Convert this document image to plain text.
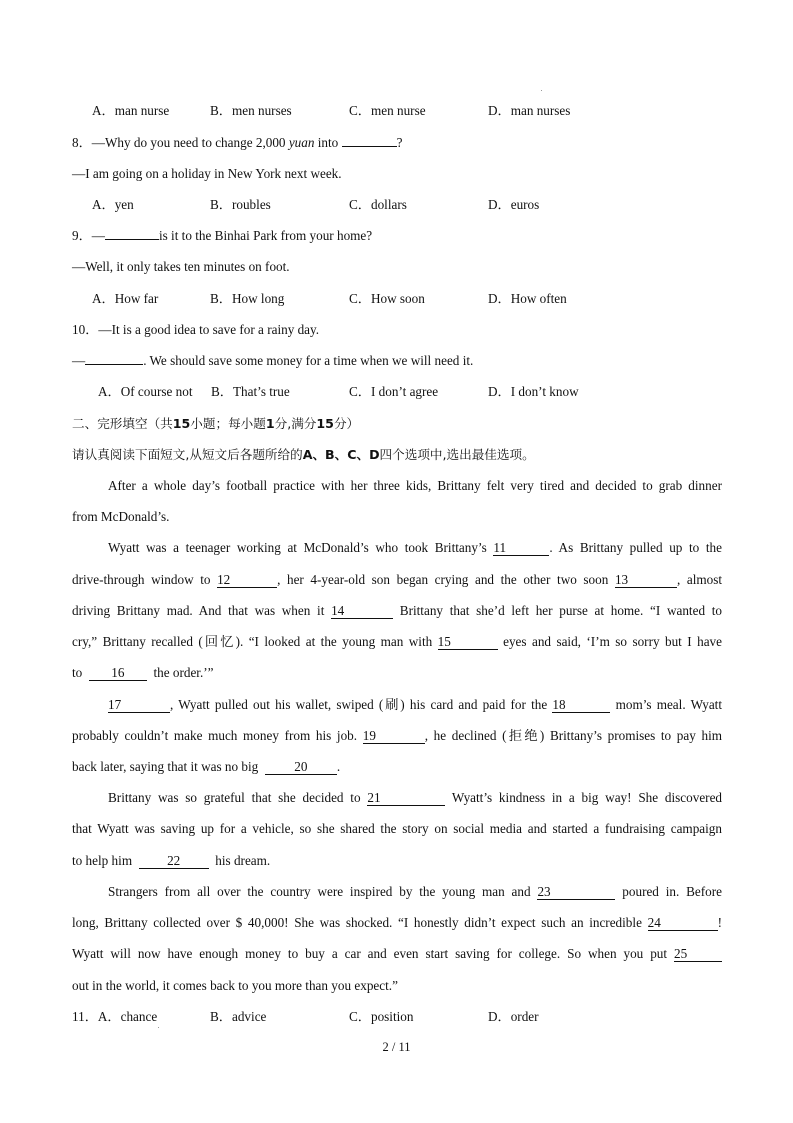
A．man nurse	B．men nurses	C．men nurse	D．man nurses
8．—Why do you need to change 2,000 yuan into	?
—I am going on a holiday in New York next week.
A．yen	B．roubles	C．dollars	D．euros
9．—	is it to the Binhai Park from your home?
—Well, it only takes ten minutes on foot.
A．How far	B．How long	C．How soon	D．How often
10．—It is a good idea to save for a rainy day.
—	. We should save some money for a time when we will need it.
A．Of course not B．That’s true	C．I don’t agree	D．I don’t know
二、完形填空（共15小题；每小题1分,满分15分）
请认真阅读下面短文,从短文后各题所给的A、B、C、D四个选项中,选出最佳选项。
After a whole day’s football practice with her three kids, Brittany felt very tired and decided to grab dinner
from McDonald’s.
Wyatt was a teenager working at McDonald’s who took Brittany’s 11	. As Brittany pulled up to the
drive-through window to 12	, her 4-year-old son began crying and the other two soon 13	, almost
driving Brittany mad. And that was when it 14	Brittany that she’d left her purse at home. “I wanted to
cry,” Brittany recalled (回忆). “I looked at the young man with 15	eyes and said, ‘I’m so sorry but I have
to 16 the order.’”
17	, Wyatt pulled out his wallet, swiped (刷) his card and paid for the 18	mom’s meal. Wyatt
probably couldn’t make much money from his job. 19	, he declined (拒绝) Brittany’s promises to pay him
back later, saying that it was no big	20 .
Brittany was so grateful that she decided to 21	Wyatt’s kindness in a big way! She discovered
that Wyatt was saving up for a vehicle, so she shared the story on social media and started a fundraising campaign
to help him	22	his dream.
Strangers from all over the country were inspired by the young man and 23	poured in. Before
long, Brittany collected over $ 40,000! She was shocked. “I honestly didn’t expect such an incredible 24	!
Wyatt will now have enough money to buy a car and even start saving for college. So when you put 25
out in the world, it comes back to you more than you expect.”
11．A．chance	B．advice	C．position	D．order
2 / 11
